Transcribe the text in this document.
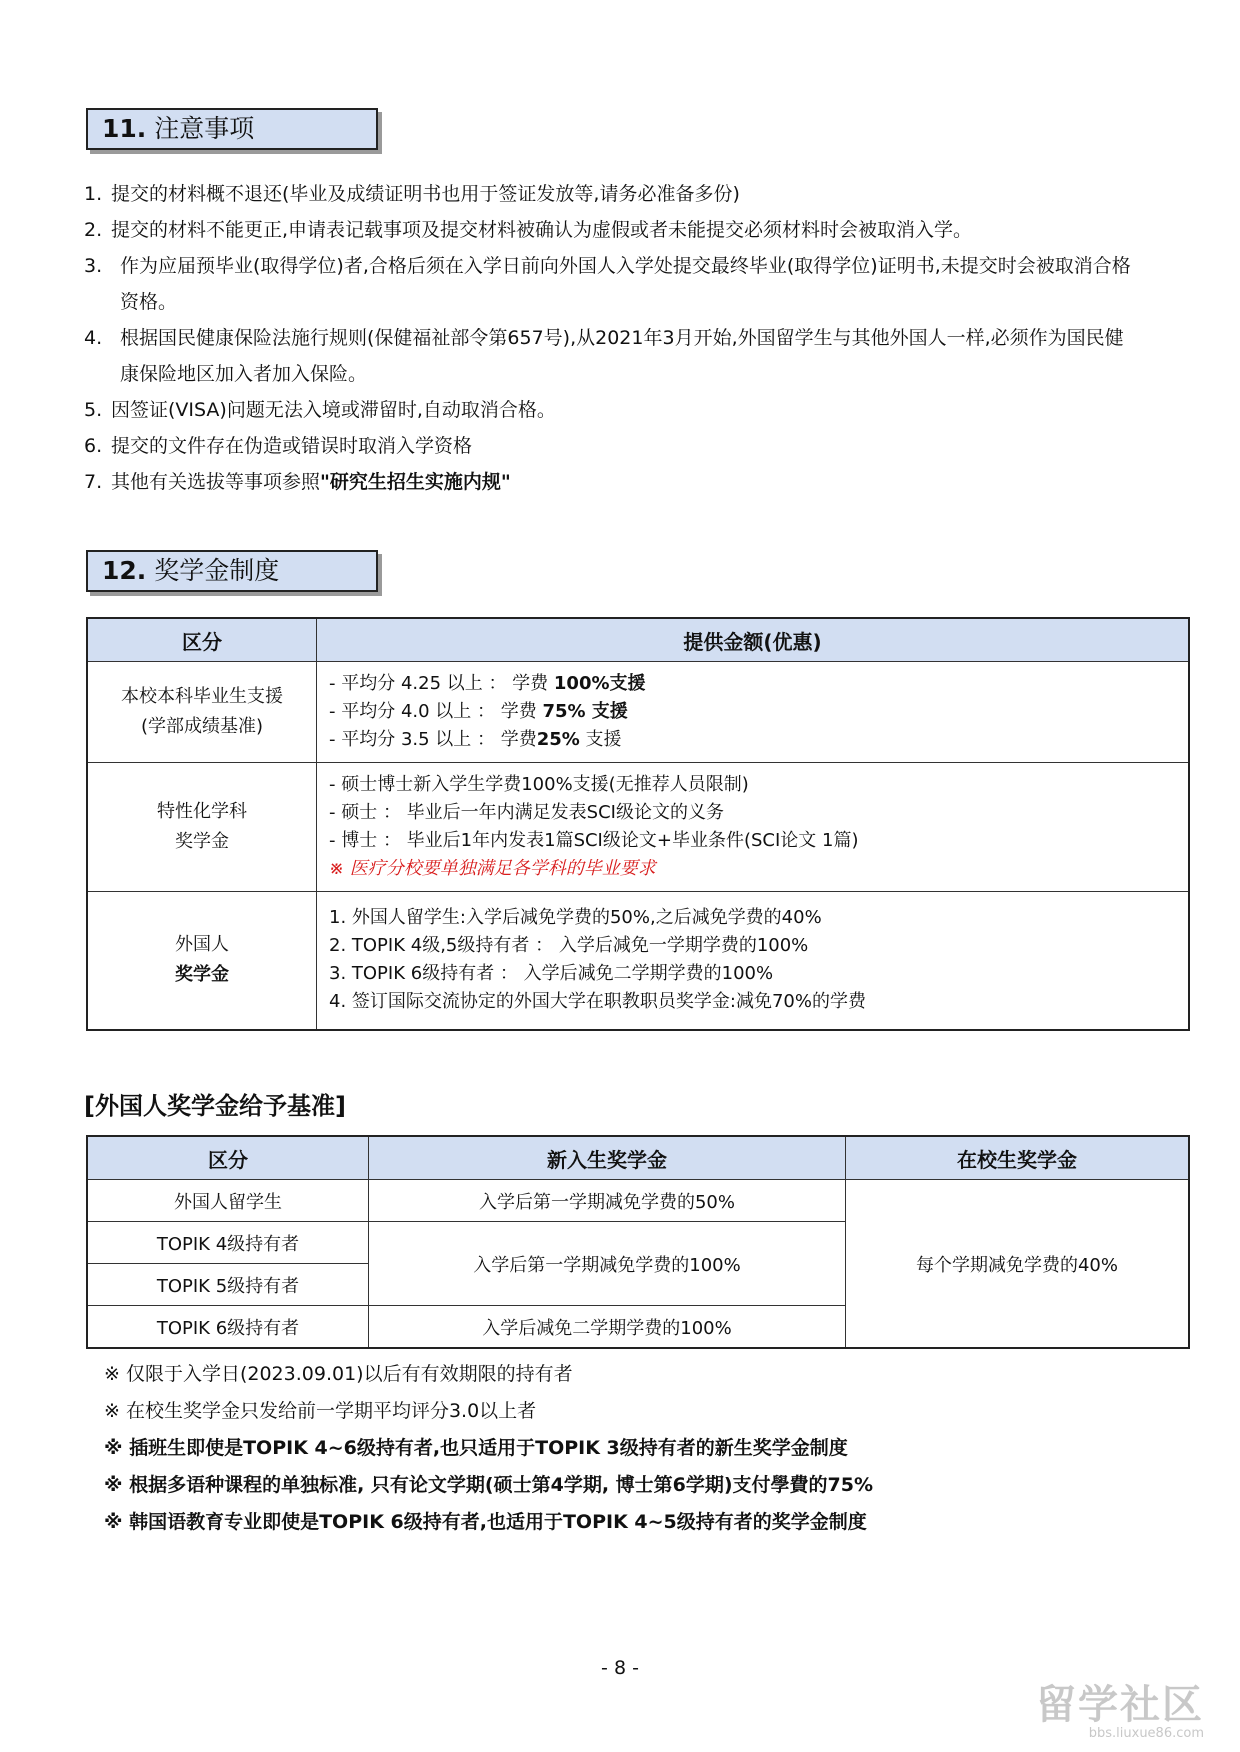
11. 注意事项
1. 提交的材料概不退还(毕业及成绩证明书也用于签证发放等,请务必准备多份)
2. 提交的材料不能更正,申请表记载事项及提交材料被确认为虚假或者未能提交必须材料时会被取消入学。
3. 作为应届预毕业(取得学位)者,合格后须在入学日前向外国人入学处提交最终毕业(取得学位)证明书,未提交时会被取消合格资格。
4. 根据国民健康保险法施行规则(保健福祉部令第657号),从2021年3月开始,外国留学生与其他外国人一样,必须作为国民健康保险地区加入者加入保险。
5. 因签证(VISA)问题无法入境或滞留时,自动取消合格。
6. 提交的文件存在伪造或错误时取消入学资格
7. 其他有关选拔等事项参照"研究生招生实施内规"
12. 奖学金制度
区分	提供金额(优惠)

本校本科毕业生支援
(学部成绩基准)	- 平均分 4.25 以上 ： 学费 100%支援
- 平均分 4.0 以上 ： 学费 75% 支援
- 平均分 3.5 以上 ： 学费25% 支援

特性化学科
奖学金	- 硕士博士新入学生学费100%支援(无推荐人员限制)
- 硕士 ： 毕业后一年内满足发表SCI级论文的义务
- 博士 ： 毕业后1年内发表1篇SCI级论文+毕业条件(SCI论文 1篇)
※ 医疗分校要单独满足各学科的毕业要求

外国人
奖学金	1. 外国人留学生:入学后减免学费的50%,之后减免学费的40%
2. TOPIK 4级,5级持有者 ： 入学后减免一学期学费的100%
3. TOPIK 6级持有者 ： 入学后减免二学期学费的100%
4. 签订国际交流协定的外国大学在职教职员奖学金:减免70%的学费
[外国人奖学金给予基准]
区分	新入生奖学金	在校生奖学金
外国人留学生	入学后第一学期减免学费的50%	每个学期减免学费的40%
TOPIK 4级持有者	入学后第一学期减免学费的100%	
TOPIK 5级持有者		
TOPIK 6级持有者	入学后减免二学期学费的100%	
※ 仅限于入学日(2023.09.01)以后有有效期限的持有者
※ 在校生奖学金只发给前一学期平均评分3.0以上者
※ 插班生即使是TOPIK 4~6级持有者,也只适用于TOPIK 3级持有者的新生奖学金制度
※ 根据多语种课程的单独标准, 只有论文学期(硕士第4学期, 博士第6学期)支付學費的75%
※ 韩国语教育专业即使是TOPIK 6级持有者,也适用于TOPIK 4~5级持有者的奖学金制度
- 8 -
留学社区
bbs.liuxue86.com
